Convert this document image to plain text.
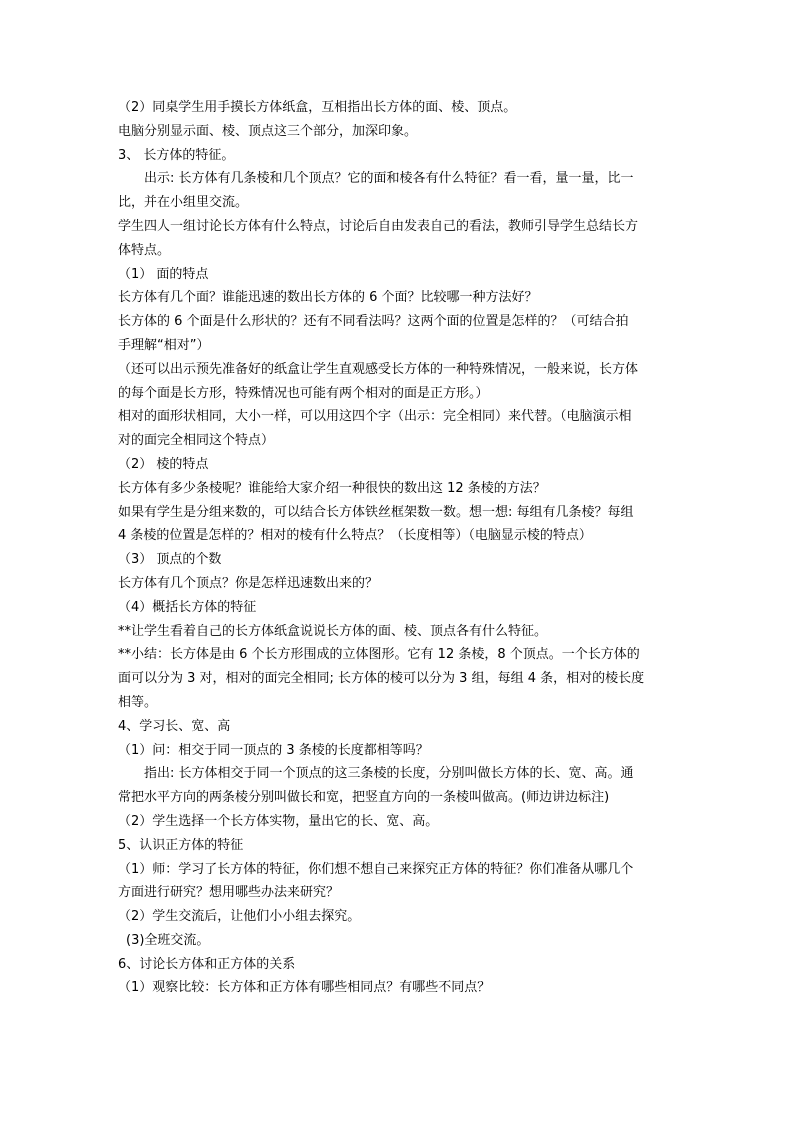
（2）同桌学生用手摸长方体纸盒，互相指出长方体的面、棱、顶点。
电脑分别显示面、棱、顶点这三个部分，加深印象。
3、 长方体的特征。
出示: 长方体有几条棱和几个顶点？它的面和棱各有什么特征？看一看，量一量，比一
比，并在小组里交流。
学生四人一组讨论长方体有什么特点，讨论后自由发表自己的看法，教师引导学生总结长方
体特点。
（1） 面的特点
长方体有几个面？谁能迅速的数出长方体的 6 个面？比较哪一种方法好？
长方体的 6 个面是什么形状的？还有不同看法吗？这两个面的位置是怎样的？（可结合拍
手理解“相对”）
（还可以出示预先准备好的纸盒让学生直观感受长方体的一种特殊情况，一般来说，长方体
的每个面是长方形，特殊情况也可能有两个相对的面是正方形。）
相对的面形状相同，大小一样，可以用这四个字（出示：完全相同）来代替。（电脑演示相
对的面完全相同这个特点）
（2） 棱的特点
长方体有多少条棱呢？谁能给大家介绍一种很快的数出这 12 条棱的方法？
如果有学生是分组来数的，可以结合长方体铁丝框架数一数。想一想: 每组有几条棱？每组
4 条棱的位置是怎样的？相对的棱有什么特点？（长度相等）（电脑显示棱的特点）
（3） 顶点的个数
长方体有几个顶点？你是怎样迅速数出来的？
（4）概括长方体的特征
**让学生看着自己的长方体纸盒说说长方体的面、棱、顶点各有什么特征。
**小结：长方体是由 6 个长方形围成的立体图形。它有 12 条棱，8 个顶点。一个长方体的
面可以分为 3 对，相对的面完全相同; 长方体的棱可以分为 3 组，每组 4 条，相对的棱长度
相等。
4、学习长、宽、高
（1）问：相交于同一顶点的 3 条棱的长度都相等吗？
指出: 长方体相交于同一个顶点的这三条棱的长度，分别叫做长方体的长、宽、高。通
常把水平方向的两条棱分别叫做长和宽，把竖直方向的一条棱叫做高。(师边讲边标注)
（2）学生选择一个长方体实物，量出它的长、宽、高。
5、认识正方体的特征
（1）师：学习了长方体的特征，你们想不想自己来探究正方体的特征？你们准备从哪几个
方面进行研究？想用哪些办法来研究？
（2）学生交流后，让他们小小组去探究。
(3)全班交流。
6、讨论长方体和正方体的关系
（1）观察比较：长方体和正方体有哪些相同点？有哪些不同点？
